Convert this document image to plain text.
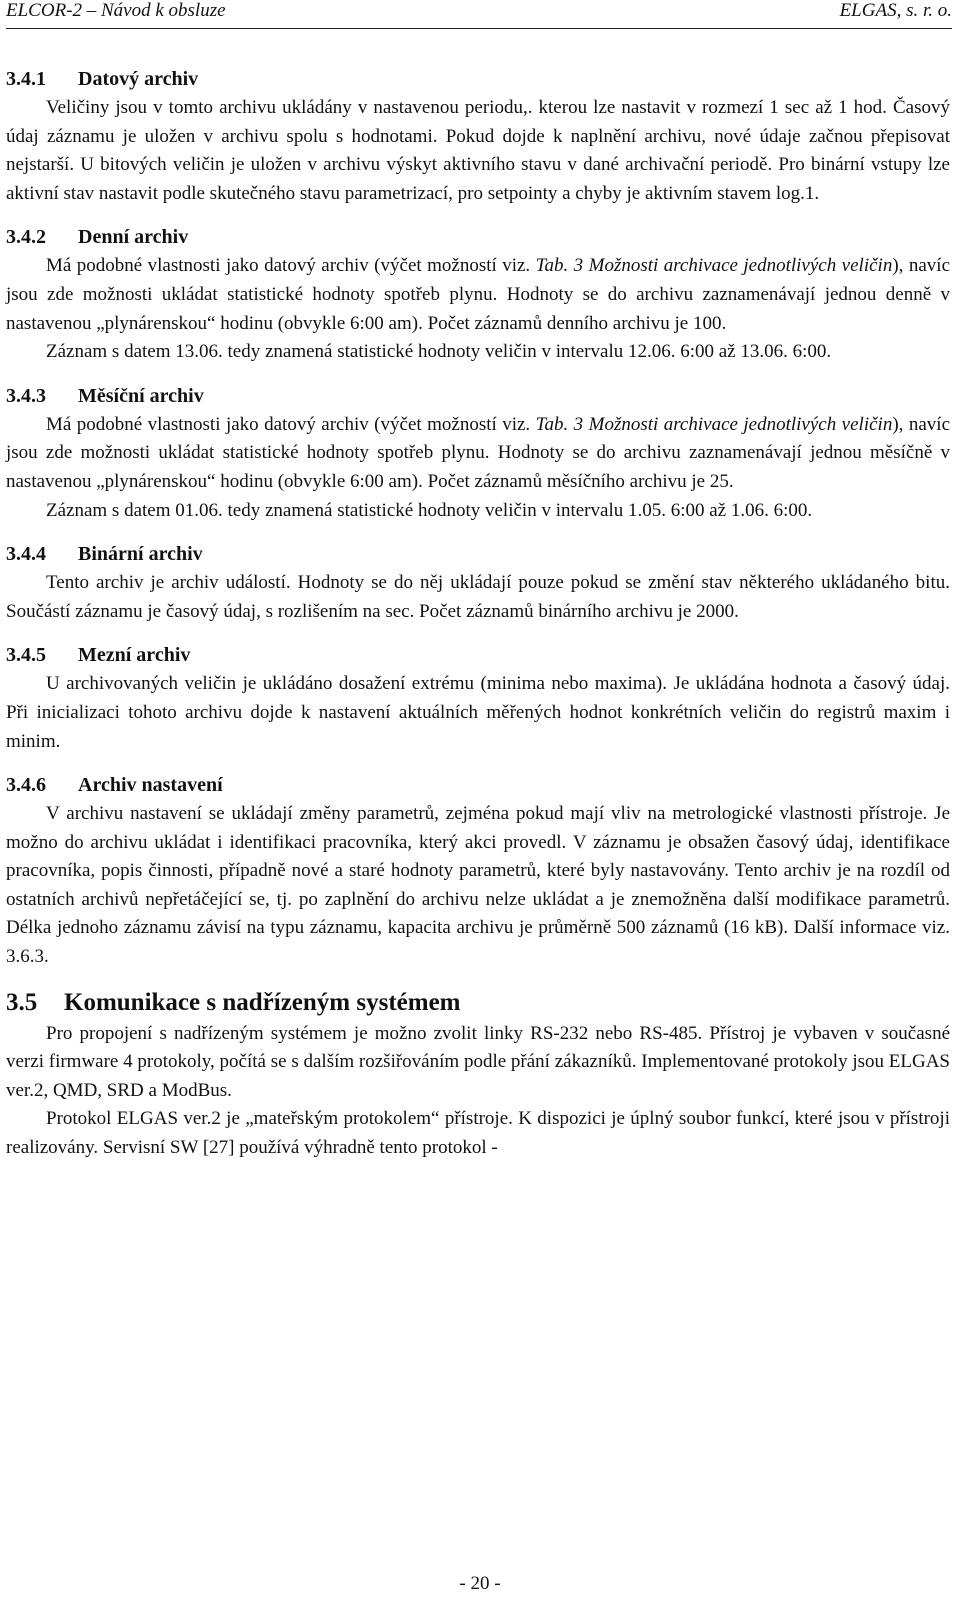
ELCOR-2 – Návod k obsluze	ELGAS, s. r. o.
3.4.1 Datový archiv

Veličiny jsou v tomto archivu ukládány v nastavenou periodu,. kterou lze nastavit v rozmezí 1 sec až 1 hod. Časový údaj záznamu je uložen v archivu spolu s hodnotami. Pokud dojde k naplnění archivu, nové údaje začnou přepisovat nejstarší. U bitových veličin je uložen v archivu výskyt aktivního stavu v dané archivační periodě. Pro binární vstupy lze aktivní stav nastavit podle skutečného stavu parametrizací, pro setpointy a chyby je aktivním stavem log.1.

3.4.2 Denní archiv

Má podobné vlastnosti jako datový archiv (výčet možností viz. Tab. 3 Možnosti archivace jednotlivých veličin), navíc jsou zde možnosti ukládat statistické hodnoty spotřeb plynu. Hodnoty se do archivu zaznamenávají jednou denně v nastavenou „plynárenskou“ hodinu (obvykle 6:00 am). Počet záznamů denního archivu je 100.

Záznam s datem 13.06. tedy znamená statistické hodnoty veličin v intervalu 12.06. 6:00 až 13.06. 6:00.

3.4.3 Měsíční archiv

Má podobné vlastnosti jako datový archiv (výčet možností viz. Tab. 3 Možnosti archivace jednotlivých veličin), navíc jsou zde možnosti ukládat statistické hodnoty spotřeb plynu. Hodnoty se do archivu zaznamenávají jednou měsíčně v nastavenou „plynárenskou“ hodinu (obvykle 6:00 am). Počet záznamů měsíčního archivu je 25.

Záznam s datem 01.06. tedy znamená statistické hodnoty veličin v intervalu 1.05. 6:00 až 1.06. 6:00.

3.4.4 Binární archiv

Tento archiv je archiv událostí. Hodnoty se do něj ukládají pouze pokud se změní stav některého ukládaného bitu. Součástí záznamu je časový údaj, s rozlišením na sec. Počet záznamů binárního archivu je 2000.

3.4.5 Mezní archiv

U archivovaných veličin je ukládáno dosažení extrému (minima nebo maxima). Je ukládána hodnota a časový údaj. Při inicializaci tohoto archivu dojde k nastavení aktuálních měřených hodnot konkrétních veličin do registrů maxim i minim.

3.4.6 Archiv nastavení

V archivu nastavení se ukládají změny parametrů, zejména pokud mají vliv na metrologické vlastnosti přístroje. Je možno do archivu ukládat i identifikaci pracovníka, který akci provedl. V záznamu je obsažen časový údaj, identifikace pracovníka, popis činnosti, případně nové a staré hodnoty parametrů, které byly nastavovány. Tento archiv je na rozdíl od ostatních archivů nepřetáčející se, tj. po zaplnění do archivu nelze ukládat a je znemožněna další modifikace parametrů. Délka jednoho záznamu závisí na typu záznamu, kapacita archivu je průměrně 500 záznamů (16 kB). Další informace viz. 3.6.3.

3.5 Komunikace s nadřízeným systémem

Pro propojení s nadřízeným systémem je možno zvolit linky RS-232 nebo RS-485. Přístroj je vybaven v současné verzi firmware 4 protokoly, počítá se s dalším rozšiřováním podle přání zákazníků. Implementované protokoly jsou ELGAS ver.2, QMD, SRD a ModBus.

Protokol ELGAS ver.2 je „mateřským protokolem“ přístroje. K dispozici je úplný soubor funkcí, které jsou v přístroji realizovány. Servisní SW [27] používá výhradně tento protokol -

- 20 -
